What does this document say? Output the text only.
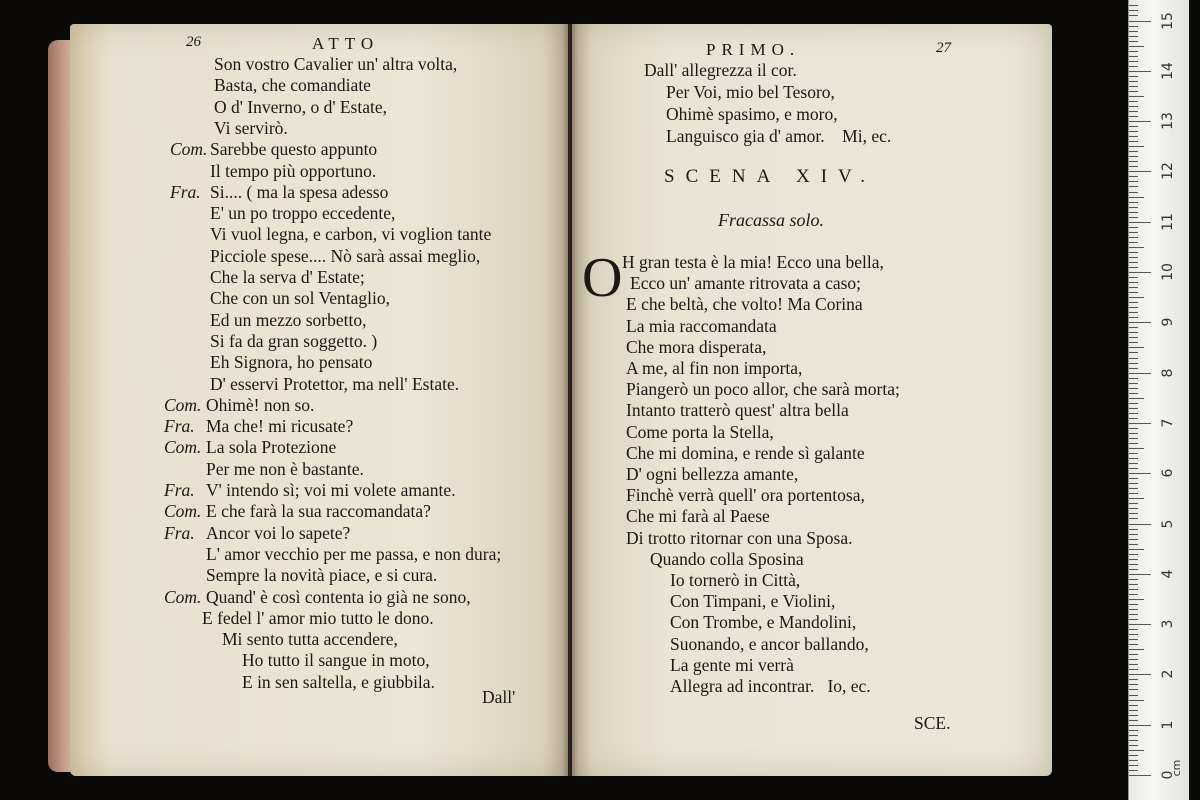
26	ATTO
Son vostro Cavalier un' altra volta,
Basta, che comandiate
O d' Inverno, o d' Estate,
Vi servirò.
Com. Sarebbe questo appunto
Il tempo più opportuno.
Fra. Si.... ( ma la spesa adesso
E' un po troppo eccedente,
Vi vuol legna, e carbon, vi voglion tante
Picciole spese.... Nò sarà assai meglio,
Che la serva d' Estate;
Che con un sol Ventaglio,
Ed un mezzo sorbetto,
Si fa da gran soggetto. )
Eh Signora, ho pensato
D' esservi Protettor, ma nell' Estate.
Com. Ohimè! non so.
Fra. Ma che! mi ricusate?
Com. La sola Protezione
Per me non è bastante.
Fra. V' intendo sì; voi mi volete amante.
Com. E che farà la sua raccomandata?
Fra. Ancor voi lo sapete?
L' amor vecchio per me passa, e non dura;
Sempre la novità piace, e si cura.
Com. Quand' è così contenta io già ne sono,
E fedel l' amor mio tutto le dono.
Mi sento tutta accendere,
Ho tutto il sangue in moto,
E in sen saltella, e giubbila.
Dall'
PRIMO.	27
Dall' allegrezza il cor.
Per Voi, mio bel Tesoro,
Ohimè spasimo, e moro,
Languisco gia d' amor.    Mi, ec.
SCENA XIV.
Fracassa solo.
O H gran testa è la mia! Ecco una bella,
Ecco un' amante ritrovata a caso;
E che beltà, che volto! Ma Corina
La mia raccomandata
Che mora disperata,
A me, al fin non importa,
Piangerò un poco allor, che sarà morta;
Intanto tratterò quest' altra bella
Come porta la Stella,
Che mi domina, e rende sì galante
D' ogni bellezza amante,
Finchè verrà quell' ora portentosa,
Che mi farà al Paese
Di trotto ritornar con una Sposa.
Quando colla Sposina
Io tornerò in Città,
Con Timpani, e Violini,
Con Trombe, e Mandolini,
Suonando, e ancor ballando,
La gente mi verrà
Allegra ad incontrar.   Io, ec.
SCE.
0
1
2
3
4
5
6
7
8
9
10
11
12
13
14
15
cm
